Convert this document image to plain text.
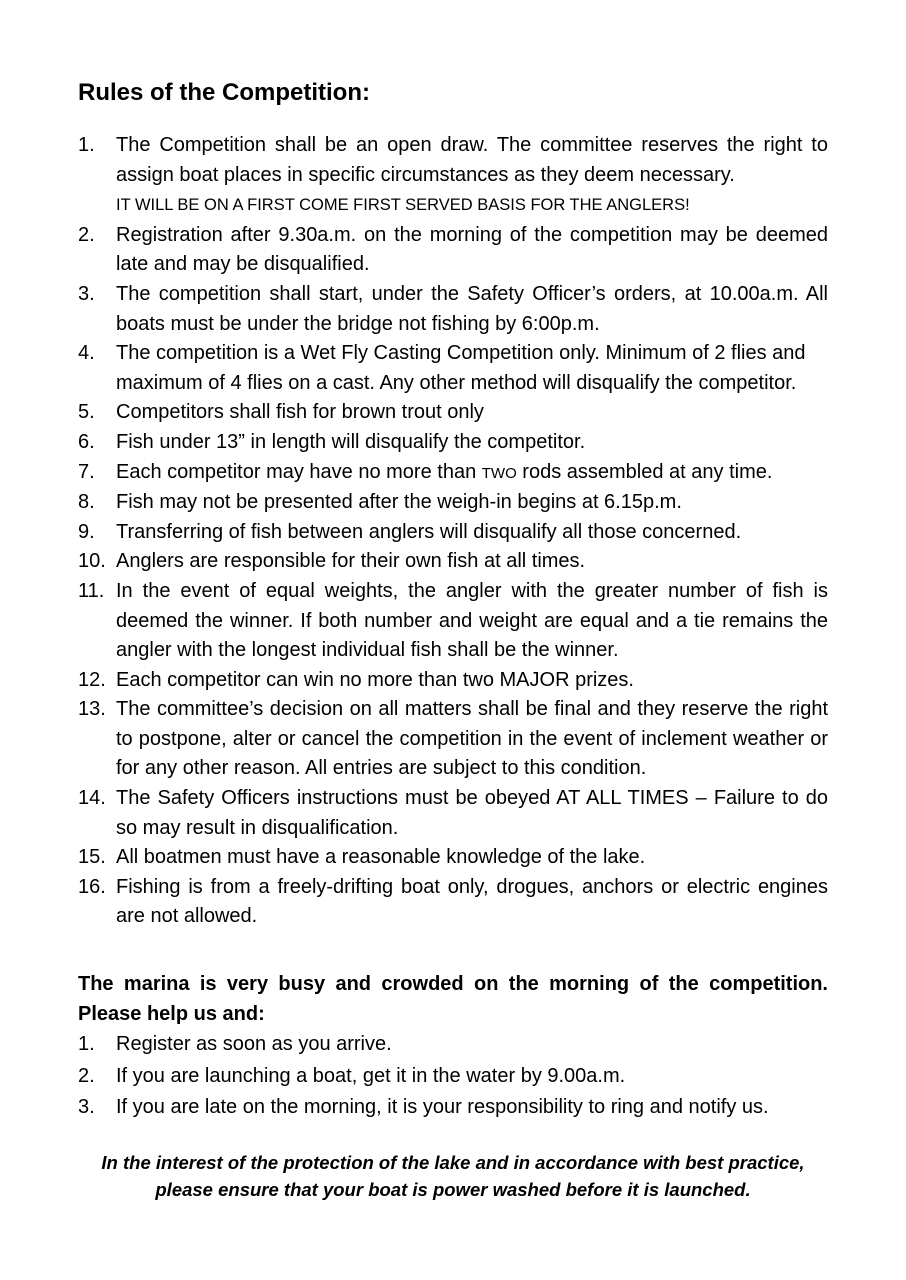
Rules of the Competition:
1.	The Competition shall be an open draw. The committee reserves the right to assign boat places in specific circumstances as they deem necessary.
IT WILL BE ON A FIRST COME FIRST SERVED BASIS FOR THE ANGLERS!
2.	Registration after 9.30a.m. on the morning of the competition may be deemed late and may be disqualified.
3.	The competition shall start, under the Safety Officer’s orders, at 10.00a.m. All boats must be under the bridge not fishing by 6:00p.m.
4.	The competition is a Wet Fly Casting Competition only. Minimum of 2 flies and maximum of 4 flies on a cast. Any other method will disqualify the competitor.
5.	Competitors shall fish for brown trout only
6.	Fish under 13” in length will disqualify the competitor.
7.	Each competitor may have no more than TWO rods assembled at any time.
8.	Fish may not be presented after the weigh-in begins at 6.15p.m.
9.	Transferring of fish between anglers will disqualify all those concerned.
10. Anglers are responsible for their own fish at all times.
11. In the event of equal weights, the angler with the greater number of fish is deemed the winner. If both number and weight are equal and a tie remains the angler with the longest individual fish shall be the winner.
12. Each competitor can win no more than two MAJOR prizes.
13. The committee’s decision on all matters shall be final and they reserve the right to postpone, alter or cancel the competition in the event of inclement weather or for any other reason. All entries are subject to this condition.
14. The Safety Officers instructions must be obeyed AT ALL TIMES – Failure to do so may result in disqualification.
15. All boatmen must have a reasonable knowledge of the lake.
16. Fishing is from a freely-drifting boat only, drogues, anchors or electric engines are not allowed.
The marina is very busy and crowded on the morning of the competition. Please help us and:
1.	Register as soon as you arrive.
2.	If you are launching a boat, get it in the water by 9.00a.m.
3.	If you are late on the morning, it is your responsibility to ring and notify us.
In the interest of the protection of the lake and in accordance with best practice,
please ensure that your boat is power washed before it is launched.
